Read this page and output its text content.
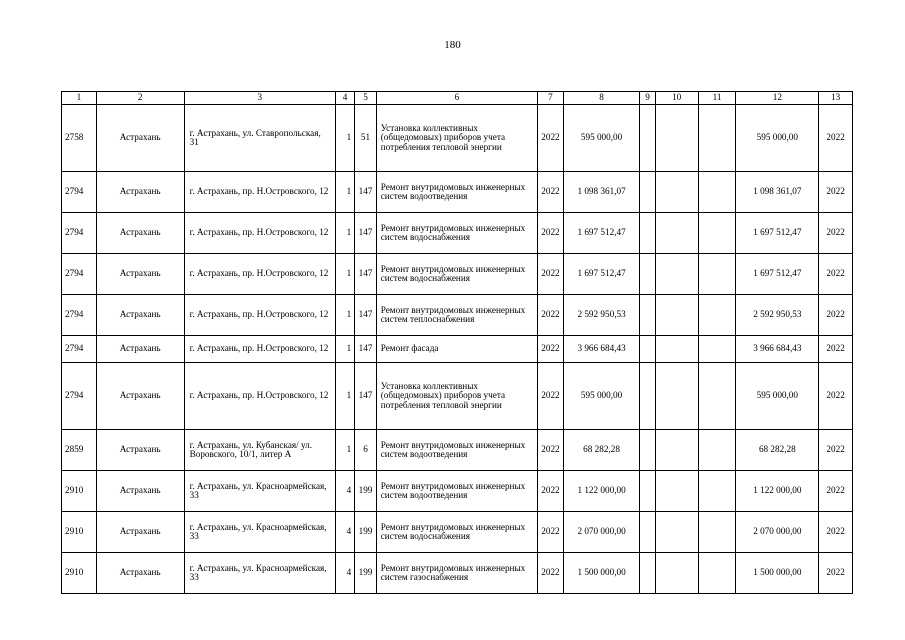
180
1	2	3	4	5	6	7	8	9	10	11	12	13
2758	Астрахань	г. Астрахань, ул. Ставропольская, 31	1	51	Установка коллективных (общедомовых) приборов учета потребления тепловой энергии	2022	595 000,00				595 000,00	2022
2794	Астрахань	г. Астрахань, пр. Н.Островского, 12	1	147	Ремонт внутридомовых инженерных систем водоотведения	2022	1 098 361,07				1 098 361,07	2022
2794	Астрахань	г. Астрахань, пр. Н.Островского, 12	1	147	Ремонт внутридомовых инженерных систем водоснабжения	2022	1 697 512,47				1 697 512,47	2022
2794	Астрахань	г. Астрахань, пр. Н.Островского, 12	1	147	Ремонт внутридомовых инженерных систем водоснабжения	2022	1 697 512,47				1 697 512,47	2022
2794	Астрахань	г. Астрахань, пр. Н.Островского, 12	1	147	Ремонт внутридомовых инженерных систем теплоснабжения	2022	2 592 950,53				2 592 950,53	2022
2794	Астрахань	г. Астрахань, пр. Н.Островского, 12	1	147	Ремонт фасада	2022	3 966 684,43				3 966 684,43	2022
2794	Астрахань	г. Астрахань, пр. Н.Островского, 12	1	147	Установка коллективных (общедомовых) приборов учета потребления тепловой энергии	2022	595 000,00				595 000,00	2022
2859	Астрахань	г. Астрахань, ул. Кубанская/ ул. Воровского, 10/1, литер А	1	6	Ремонт внутридомовых инженерных систем водоотведения	2022	68 282,28				68 282,28	2022
2910	Астрахань	г. Астрахань, ул. Красноармейская, 33	4	199	Ремонт внутридомовых инженерных систем водоотведения	2022	1 122 000,00				1 122 000,00	2022
2910	Астрахань	г. Астрахань, ул. Красноармейская, 33	4	199	Ремонт внутридомовых инженерных систем водоснабжения	2022	2 070 000,00				2 070 000,00	2022
2910	Астрахань	г. Астрахань, ул. Красноармейская, 33	4	199	Ремонт внутридомовых инженерных систем газоснабжения	2022	1 500 000,00				1 500 000,00	2022
